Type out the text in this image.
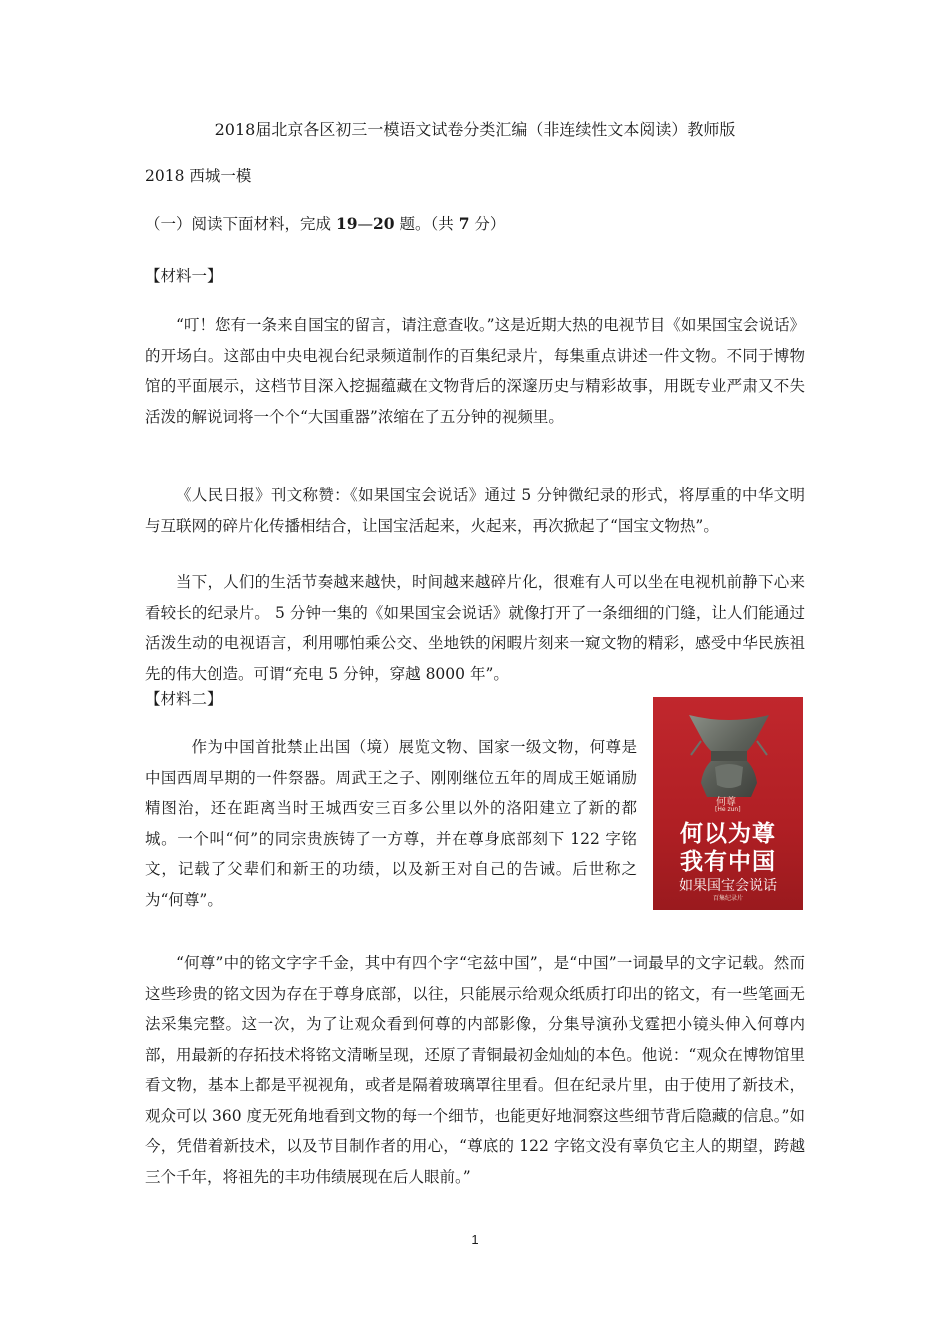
2018届北京各区初三一模语文试卷分类汇编（非连续性文本阅读）教师版
2018 西城一模
（一）阅读下面材料，完成 19—20 题。（共 7 分）
【材料一】

“叮！您有一条来自国宝的留言，请注意查收。”这是近期大热的电视节目《如果国宝会说话》的开场白。这部由中央电视台纪录频道制作的百集纪录片，每集重点讲述一件文物。不同于博物馆的平面展示，这档节目深入挖掘蕴藏在文物背后的深邃历史与精彩故事，用既专业严肃又不失活泼的解说词将一个个“大国重器”浓缩在了五分钟的视频里。

《人民日报》刊文称赞：《如果国宝会说话》通过 5 分钟微纪录的形式，将厚重的中华文明与互联网的碎片化传播相结合，让国宝活起来，火起来，再次掀起了“国宝文物热”。

当下，人们的生活节奏越来越快，时间越来越碎片化，很难有人可以坐在电视机前静下心来看较长的纪录片。 5 分钟一集的《如果国宝会说话》就像打开了一条细细的门缝，让人们能通过活泼生动的电视语言，利用哪怕乘公交、坐地铁的闲暇片刻来一窥文物的精彩，感受中华民族祖先的伟大创造。可谓“充电 5 分钟，穿越 8000 年”。

【材料二】

作为中国首批禁止出国（境）展览文物、国家一级文物，何尊是中国西周早期的一件祭器。周武王之子、刚刚继位五年的周成王姬诵励精图治，还在距离当时王城西安三百多公里以外的洛阳建立了新的都城。一个叫“何”的同宗贵族铸了一方尊，并在尊身底部刻下 122 字铭文，记载了父辈们和新王的功绩，以及新王对自己的告诫。后世称之为“何尊”。

何尊
[He zun]
何以为尊
我有中国
如果国宝会说话
百集纪录片

“何尊”中的铭文字字千金，其中有四个字“宅兹中国”，是“中国”一词最早的文字记载。然而这些珍贵的铭文因为存在于尊身底部，以往，只能展示给观众纸质打印出的铭文，有一些笔画无法采集完整。这一次，为了让观众看到何尊的内部影像，分集导演孙戈霆把小镜头伸入何尊内部，用最新的存拓技术将铭文清晰呈现，还原了青铜最初金灿灿的本色。他说：“观众在博物馆里看文物，基本上都是平视视角，或者是隔着玻璃罩往里看。但在纪录片里，由于使用了新技术，观众可以 360 度无死角地看到文物的每一个细节，也能更好地洞察这些细节背后隐藏的信息。”如今，凭借着新技术，以及节目制作者的用心，“尊底的 122 字铭文没有辜负它主人的期望，跨越三个千年，将祖先的丰功伟绩展现在后人眼前。”

1
